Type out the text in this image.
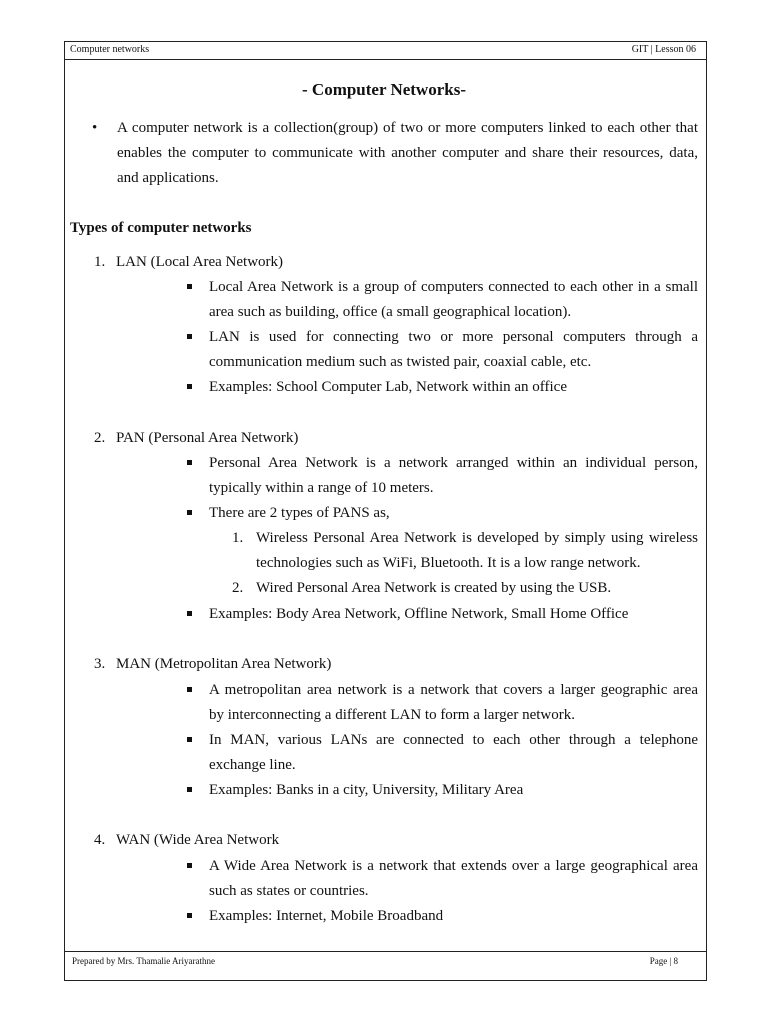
Computer networks	GIT | Lesson 06
- Computer Networks-
• A computer network is a collection(group) of two or more computers linked to each other that
enables the computer to communicate with another computer and share their resources, data,
and applications.
Types of computer networks
1. LAN (Local Area Network)
Local Area Network is a group of computers connected to each other in a small
area such as building, office (a small geographical location).
LAN is used for connecting two or more personal computers through a
communication medium such as twisted pair, coaxial cable, etc.
Examples: School Computer Lab, Network within an office
2. PAN (Personal Area Network)
Personal Area Network is a network arranged within an individual person,
typically within a range of 10 meters.
There are 2 types of PANS as,
1. Wireless Personal Area Network is developed by simply using wireless
technologies such as WiFi, Bluetooth. It is a low range network.
2. Wired Personal Area Network is created by using the USB.
Examples: Body Area Network, Offline Network, Small Home Office
3. MAN (Metropolitan Area Network)
A metropolitan area network is a network that covers a larger geographic area
by interconnecting a different LAN to form a larger network.
In MAN, various LANs are connected to each other through a telephone
exchange line.
Examples: Banks in a city, University, Military Area
4. WAN (Wide Area Network
A Wide Area Network is a network that extends over a large geographical area
such as states or countries.
Examples: Internet, Mobile Broadband
Prepared by Mrs. Thamalie Ariyarathne	Page | 8
